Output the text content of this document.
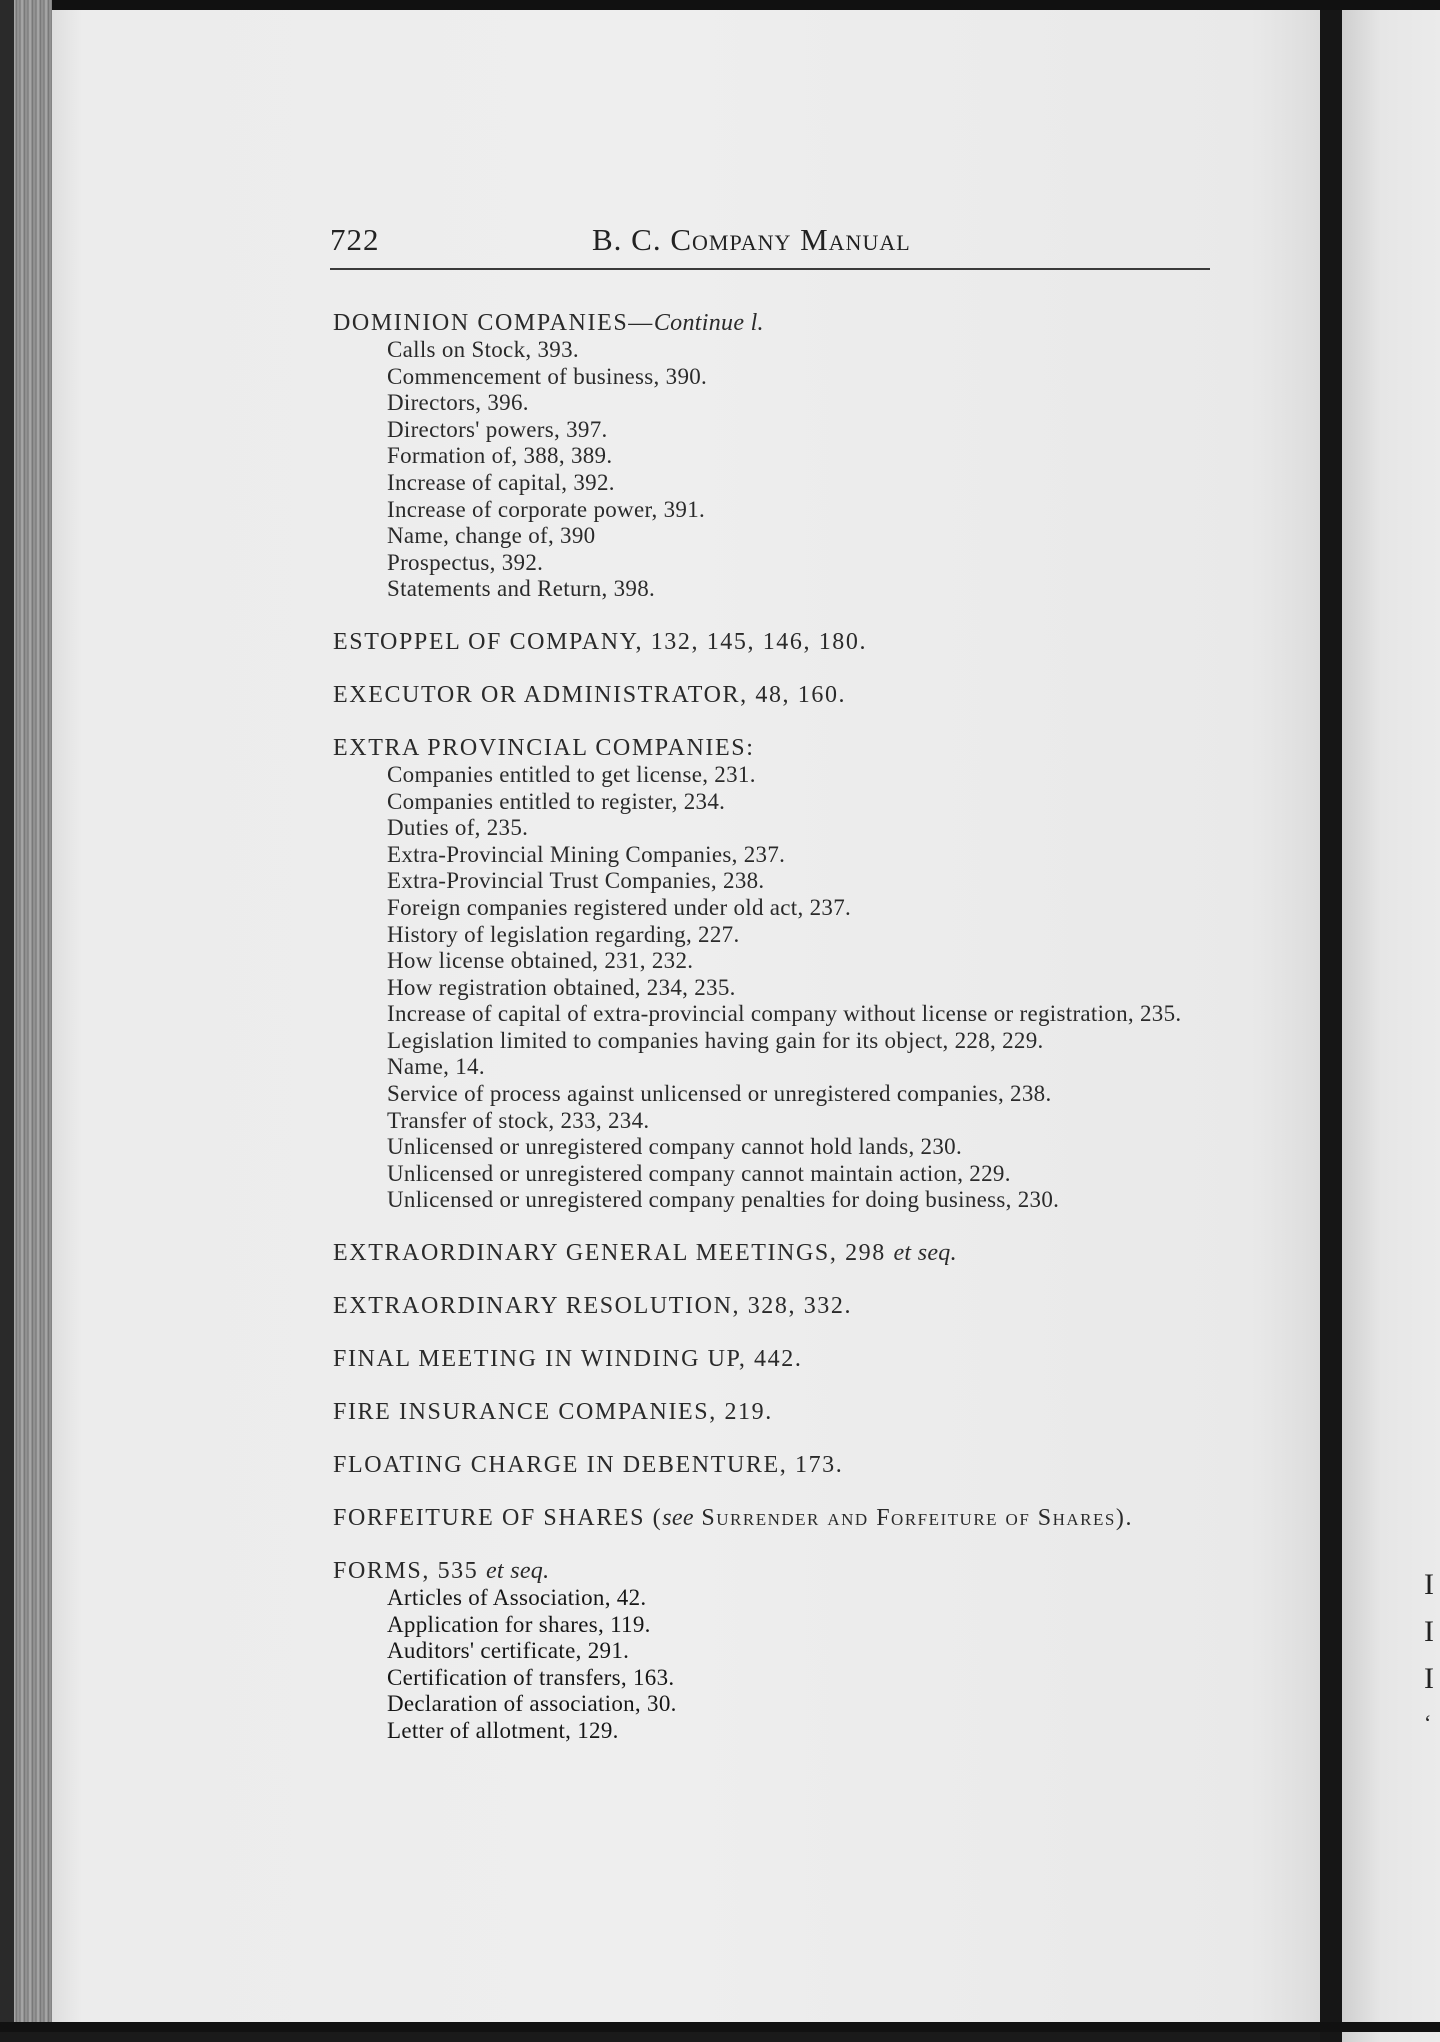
I
I
I
‘
722	B. C. Company Manual
DOMINION COMPANIES—Continue l.
Calls on Stock, 393.
Commencement of business, 390.
Directors, 396.
Directors' powers, 397.
Formation of, 388, 389.
Increase of capital, 392.
Increase of corporate power, 391.
Name, change of, 390
Prospectus, 392.
Statements and Return, 398.
ESTOPPEL OF COMPANY, 132, 145, 146, 180.
EXECUTOR OR ADMINISTRATOR, 48, 160.
EXTRA PROVINCIAL COMPANIES:
Companies entitled to get license, 231.
Companies entitled to register, 234.
Duties of, 235.
Extra-Provincial Mining Companies, 237.
Extra-Provincial Trust Companies, 238.
Foreign companies registered under old act, 237.
History of legislation regarding, 227.
How license obtained, 231, 232.
How registration obtained, 234, 235.
Increase of capital of extra-provincial company without license or registration, 235.
Legislation limited to companies having gain for its object, 228, 229.
Name, 14.
Service of process against unlicensed or unregistered companies, 238.
Transfer of stock, 233, 234.
Unlicensed or unregistered company cannot hold lands, 230.
Unlicensed or unregistered company cannot maintain action, 229.
Unlicensed or unregistered company penalties for doing business, 230.
EXTRAORDINARY GENERAL MEETINGS, 298 et seq.
EXTRAORDINARY RESOLUTION, 328, 332.
FINAL MEETING IN WINDING UP, 442.
FIRE INSURANCE COMPANIES, 219.
FLOATING CHARGE IN DEBENTURE, 173.
FORFEITURE OF SHARES (see Surrender and Forfeiture of Shares).
FORMS, 535 et seq.
Articles of Association, 42.
Application for shares, 119.
Auditors' certificate, 291.
Certification of transfers, 163.
Declaration of association, 30.
Letter of allotment, 129.
